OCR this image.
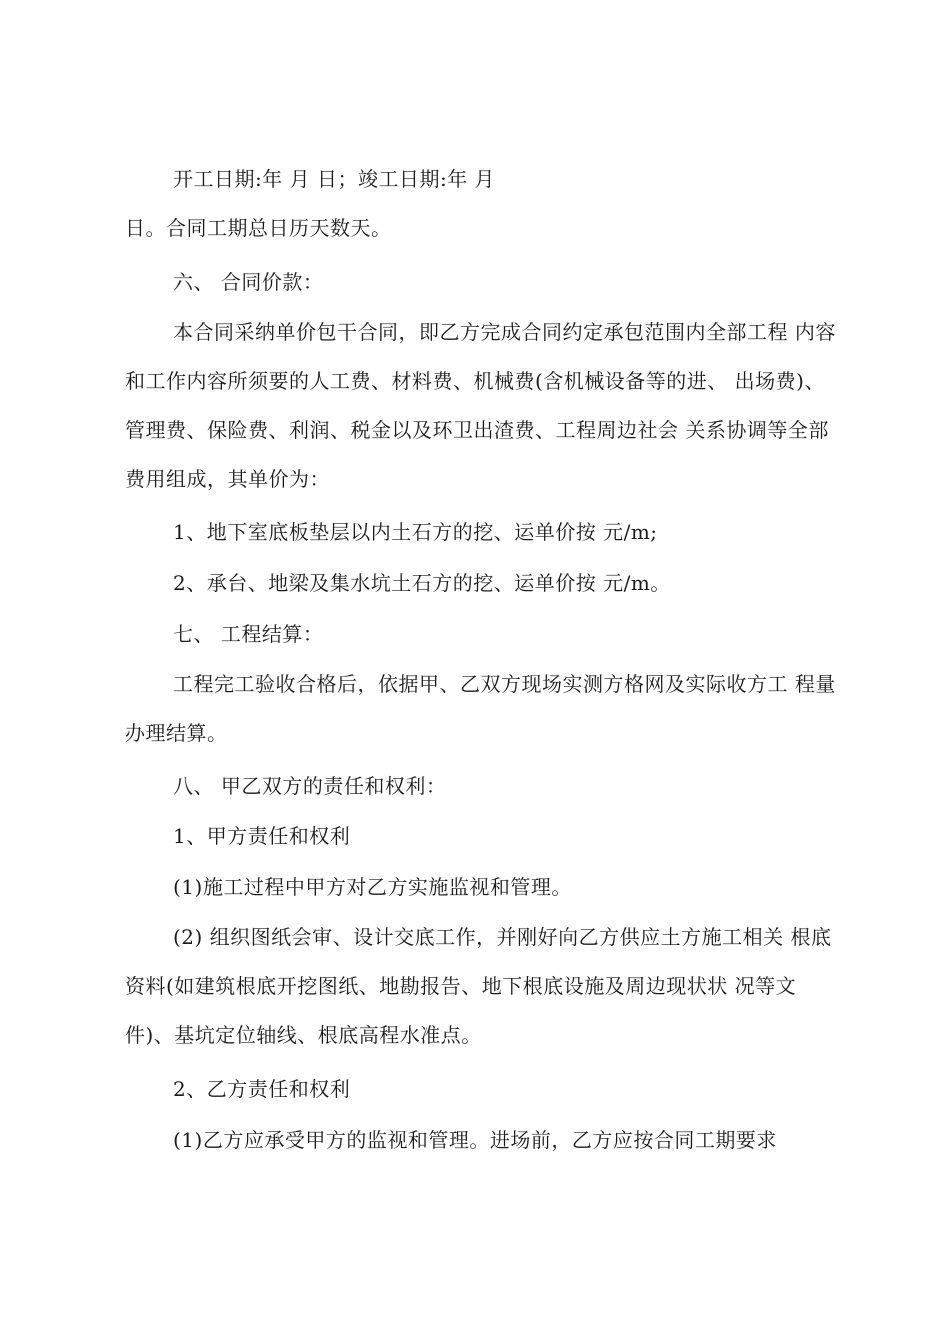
开工日期:年 月 日；竣工日期:年 月
日。合同工期总日历天数天。
六、 合同价款：
本合同采纳单价包干合同，即乙方完成合同约定承包范围内全部工程 内容
和工作内容所须要的人工费、材料费、机械费(含机械设备等的进、 出场费)、
管理费、保险费、利润、税金以及环卫出渣费、工程周边社会 关系协调等全部
费用组成，其单价为：
1、地下室底板垫层以内土石方的挖、运单价按 元/m;
2、承台、地梁及集水坑土石方的挖、运单价按 元/m。
七、 工程结算：
工程完工验收合格后，依据甲、乙双方现场实测方格网及实际收方工 程量
办理结算。
八、 甲乙双方的责任和权利：
1、甲方责任和权利
(1)施工过程中甲方对乙方实施监视和管理。
(2) 组织图纸会审、设计交底工作，并刚好向乙方供应土方施工相关 根底
资料(如建筑根底开挖图纸、地勘报告、地下根底设施及周边现状状 况等文
件)、基坑定位轴线、根底高程水准点。
2、乙方责任和权利
(1)乙方应承受甲方的监视和管理。进场前，乙方应按合同工期要求
